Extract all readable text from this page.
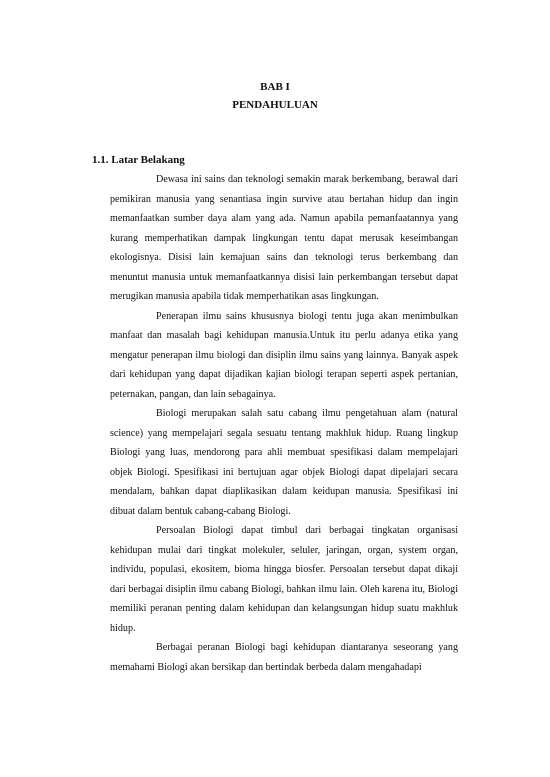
BAB I
PENDAHULUAN
1.1. Latar Belakang

Dewasa ini sains dan teknologi semakin marak berkembang, berawal dari pemikiran manusia yang senantiasa ingin survive atau bertahan hidup dan ingin memanfaatkan sumber daya alam yang ada. Namun apabila pemanfaatannya yang kurang memperhatikan dampak lingkungan tentu dapat merusak keseimbangan ekologisnya. Disisi lain kemajuan sains dan teknologi terus berkembang dan menuntut manusia untuk memanfaatkannya disisi lain perkembangan tersebut dapat merugikan manusia apabila tidak memperhatikan asas lingkungan.

Penerapan ilmu sains khususnya biologi tentu juga akan menimbulkan manfaat dan masalah bagi kehidupan manusia.Untuk itu perlu adanya etika yang mengatur penerapan ilmu biologi dan disiplin ilmu sains yang lainnya. Banyak aspek dari kehidupan yang dapat dijadikan kajian biologi terapan seperti aspek pertanian, peternakan, pangan, dan lain sebagainya.

Biologi merupakan salah satu cabang ilmu pengetahuan alam (natural science) yang mempelajari segala sesuatu tentang makhluk hidup. Ruang lingkup Biologi yang luas, mendorong para ahli membuat spesifikasi dalam mempelajari objek Biologi. Spesifikasi ini bertujuan agar objek Biologi dapat dipelajari secara mendalam, bahkan dapat diaplikasikan dalam keidupan manusia. Spesifikasi ini dibuat dalam bentuk cabang-cabang Biologi.

Persoalan Biologi dapat timbul dari berbagai tingkatan organisasi kehidupan mulai dari tingkat molekuler, seluler, jaringan, organ, system organ, individu, populasi, ekositem, bioma hingga biosfer. Persoalan tersebut dapat dikaji dari berbagai disiplin ilmu cabang Biologi, bahkan ilmu lain. Oleh karena itu, Biologi memiliki peranan penting dalam kehidupan dan kelangsungan hidup suatu makhluk hidup.

Berbagai peranan Biologi bagi kehidupan diantaranya seseorang yang memahami Biologi akan bersikap dan bertindak berbeda dalam mengahadapi
